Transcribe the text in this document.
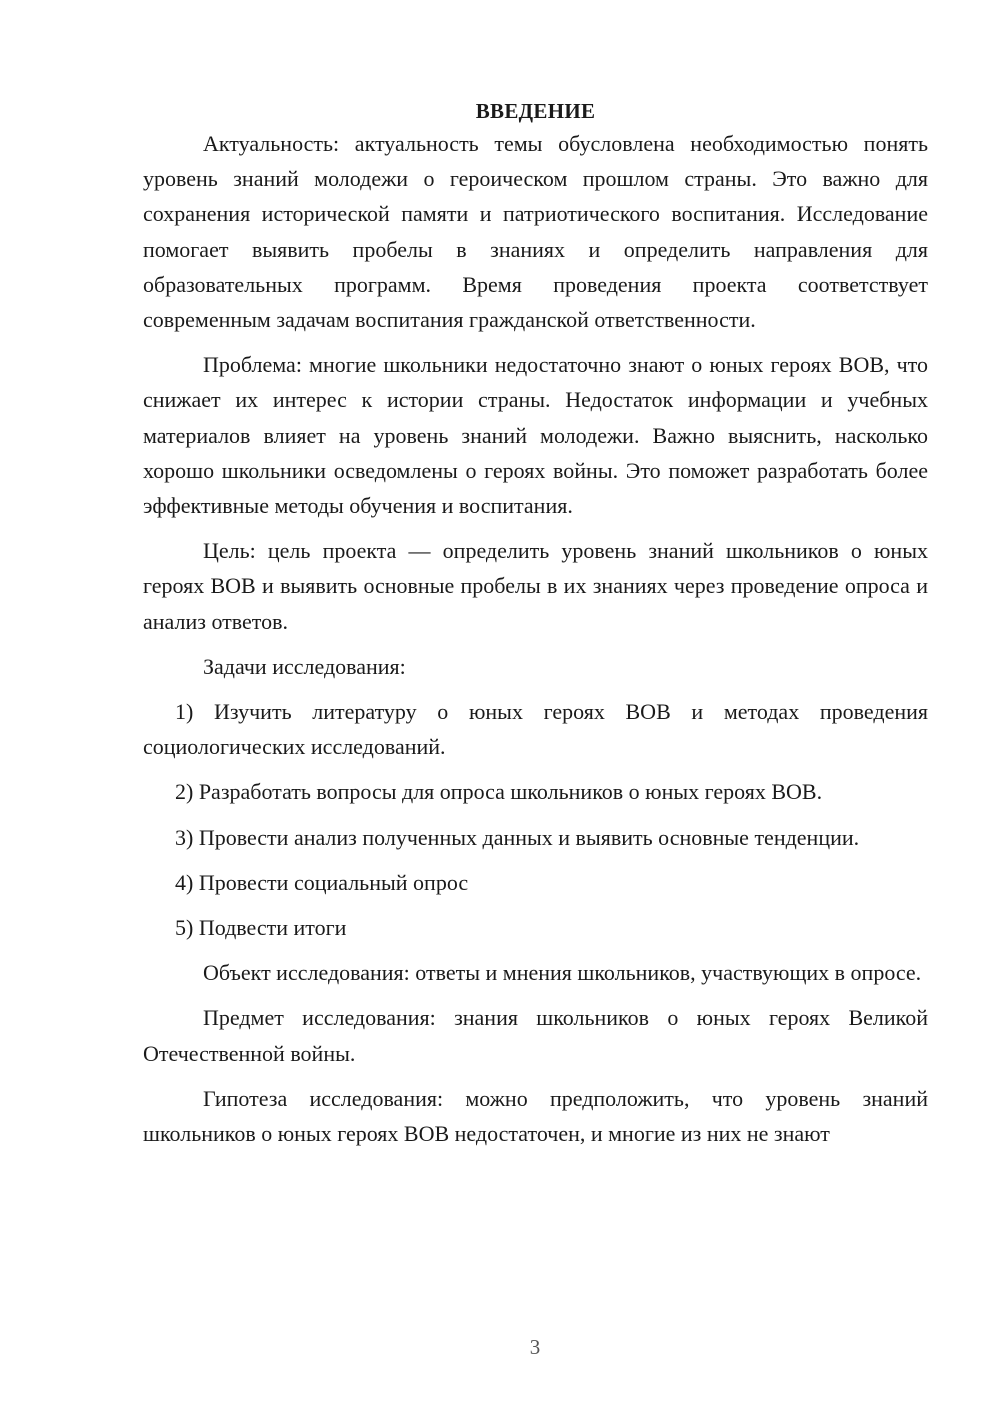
ВВЕДЕНИЕ

Актуальность: актуальность темы обусловлена необходимостью понять уровень знаний молодежи о героическом прошлом страны. Это важно для сохранения исторической памяти и патриотического воспитания. Исследование помогает выявить пробелы в знаниях и определить направления для образовательных программ. Время проведения проекта соответствует современным задачам воспитания гражданской ответственности.

Проблема: многие школьники недостаточно знают о юных героях ВОВ, что снижает их интерес к истории страны. Недостаток информации и учебных материалов влияет на уровень знаний молодежи. Важно выяснить, насколько хорошо школьники осведомлены о героях войны. Это поможет разработать более эффективные методы обучения и воспитания.

Цель: цель проекта — определить уровень знаний школьников о юных героях ВОВ и выявить основные пробелы в их знаниях через проведение опроса и анализ ответов.

Задачи исследования:

1) Изучить литературу о юных героях ВОВ и методах проведения социологических исследований.
2) Разработать вопросы для опроса школьников о юных героях ВОВ.
3) Провести анализ полученных данных и выявить основные тенденции.
4) Провести социальный опрос
5) Подвести итоги

Объект исследования: ответы и мнения школьников, участвующих в опросе.

Предмет исследования: знания школьников о юных героях Великой Отечественной войны.

Гипотеза исследования: можно предположить, что уровень знаний школьников о юных героях ВОВ недостаточен, и многие из них не знают

3
